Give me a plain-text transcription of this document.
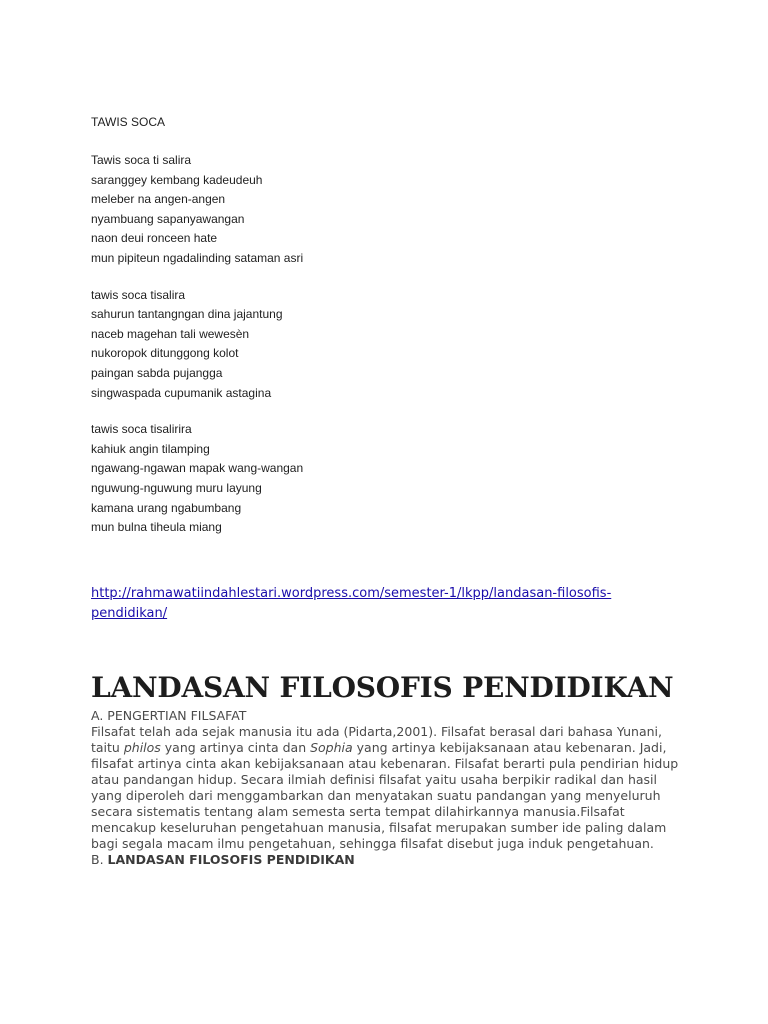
TAWIS SOCA
Tawis soca ti salira
saranggey kembang kadeudeuh
meleber na angen-angen
nyambuang sapanyawangan
naon deui ronceen hate
mun pipiteun ngadalinding sataman asri
tawis soca tisalira
sahurun tantangngan dina jajantung
naceb magehan tali wewesèn
nukoropok ditunggong kolot
paingan sabda pujangga
singwaspada cupumanik astagina
tawis soca tisalirira
kahiuk angin tilamping
ngawang-ngawan mapak wang-wangan
nguwung-nguwung muru layung
kamana urang ngabumbang
mun bulna tiheula miang
http://rahmawatiindahlestari.wordpress.com/semester-1/lkpp/landasan-filosofis-
pendidikan/
LANDASAN FILOSOFIS PENDIDIKAN
A. PENGERTIAN FILSAFAT

Filsafat telah ada sejak manusia itu ada (Pidarta,2001). Filsafat berasal dari bahasa Yunani, taitu philos yang artinya cinta dan Sophia yang artinya kebijaksanaan atau kebenaran. Jadi, filsafat artinya cinta akan kebijaksanaan atau kebenaran. Filsafat berarti pula pendirian hidup atau pandangan hidup. Secara ilmiah definisi filsafat yaitu usaha berpikir radikal dan hasil yang diperoleh dari menggambarkan dan menyatakan suatu pandangan yang menyeluruh secara sistematis tentang alam semesta serta tempat dilahirkannya manusia.Filsafat mencakup keseluruhan pengetahuan manusia, filsafat merupakan sumber ide paling dalam bagi segala macam ilmu pengetahuan, sehingga filsafat disebut juga induk pengetahuan.

B. LANDASAN FILOSOFIS PENDIDIKAN
